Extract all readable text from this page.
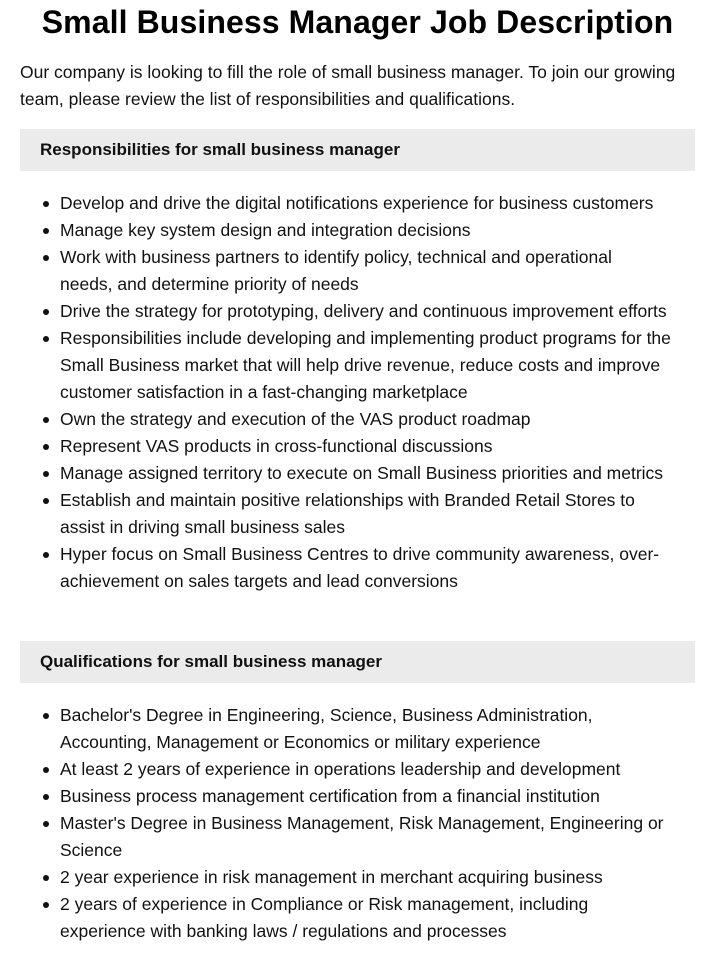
Small Business Manager Job Description

Our company is looking to fill the role of small business manager. To join our growing team, please review the list of responsibilities and qualifications.

Responsibilities for small business manager
Develop and drive the digital notifications experience for business customers
Manage key system design and integration decisions
Work with business partners to identify policy, technical and operational needs, and determine priority of needs
Drive the strategy for prototyping, delivery and continuous improvement efforts
Responsibilities include developing and implementing product programs for the Small Business market that will help drive revenue, reduce costs and improve customer satisfaction in a fast-changing marketplace
Own the strategy and execution of the VAS product roadmap
Represent VAS products in cross-functional discussions
Manage assigned territory to execute on Small Business priorities and metrics
Establish and maintain positive relationships with Branded Retail Stores to assist in driving small business sales
Hyper focus on Small Business Centres to drive community awareness, over-achievement on sales targets and lead conversions
Qualifications for small business manager
Bachelor's Degree in Engineering, Science, Business Administration, Accounting, Management or Economics or military experience
At least 2 years of experience in operations leadership and development
Business process management certification from a financial institution
Master's Degree in Business Management, Risk Management, Engineering or Science
2 year experience in risk management in merchant acquiring business
2 years of experience in Compliance or Risk management, including experience with banking laws / regulations and processes
